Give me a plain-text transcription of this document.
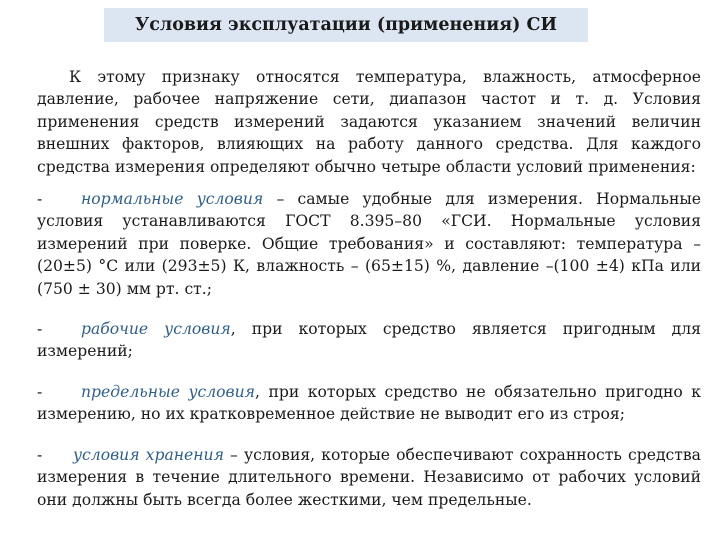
Условия эксплуатации (применения) СИ

К этому признаку относятся температура, влажность, атмосферное давление, рабочее напряжение сети, диапазон частот и т. д. Условия применения средств измерений задаются указанием значений величин внешних факторов, влияющих на работу данного средства. Для каждого средства измерения определяют обычно четыре области условий применения:

- нормальные условия – самые удобные для измерения. Нормальные условия устанавливаются ГОСТ 8.395–80 «ГСИ. Нормальные условия измерений при поверке. Общие требования» и составляют: температура – (20±5) °С или (293±5) К, влажность – (65±15) %, давление –(100 ±4) кПа или (750 ± 30) мм рт. ст.;

- рабочие условия, при которых средство является пригодным для измерений;

- предельные условия, при которых средство не обязательно пригодно к измерению, но их кратковременное действие не выводит его из строя;

- условия хранения – условия, которые обеспечивают сохранность средства измерения в течение длительного времени. Независимо от рабочих условий они должны быть всегда более жесткими, чем предельные.
